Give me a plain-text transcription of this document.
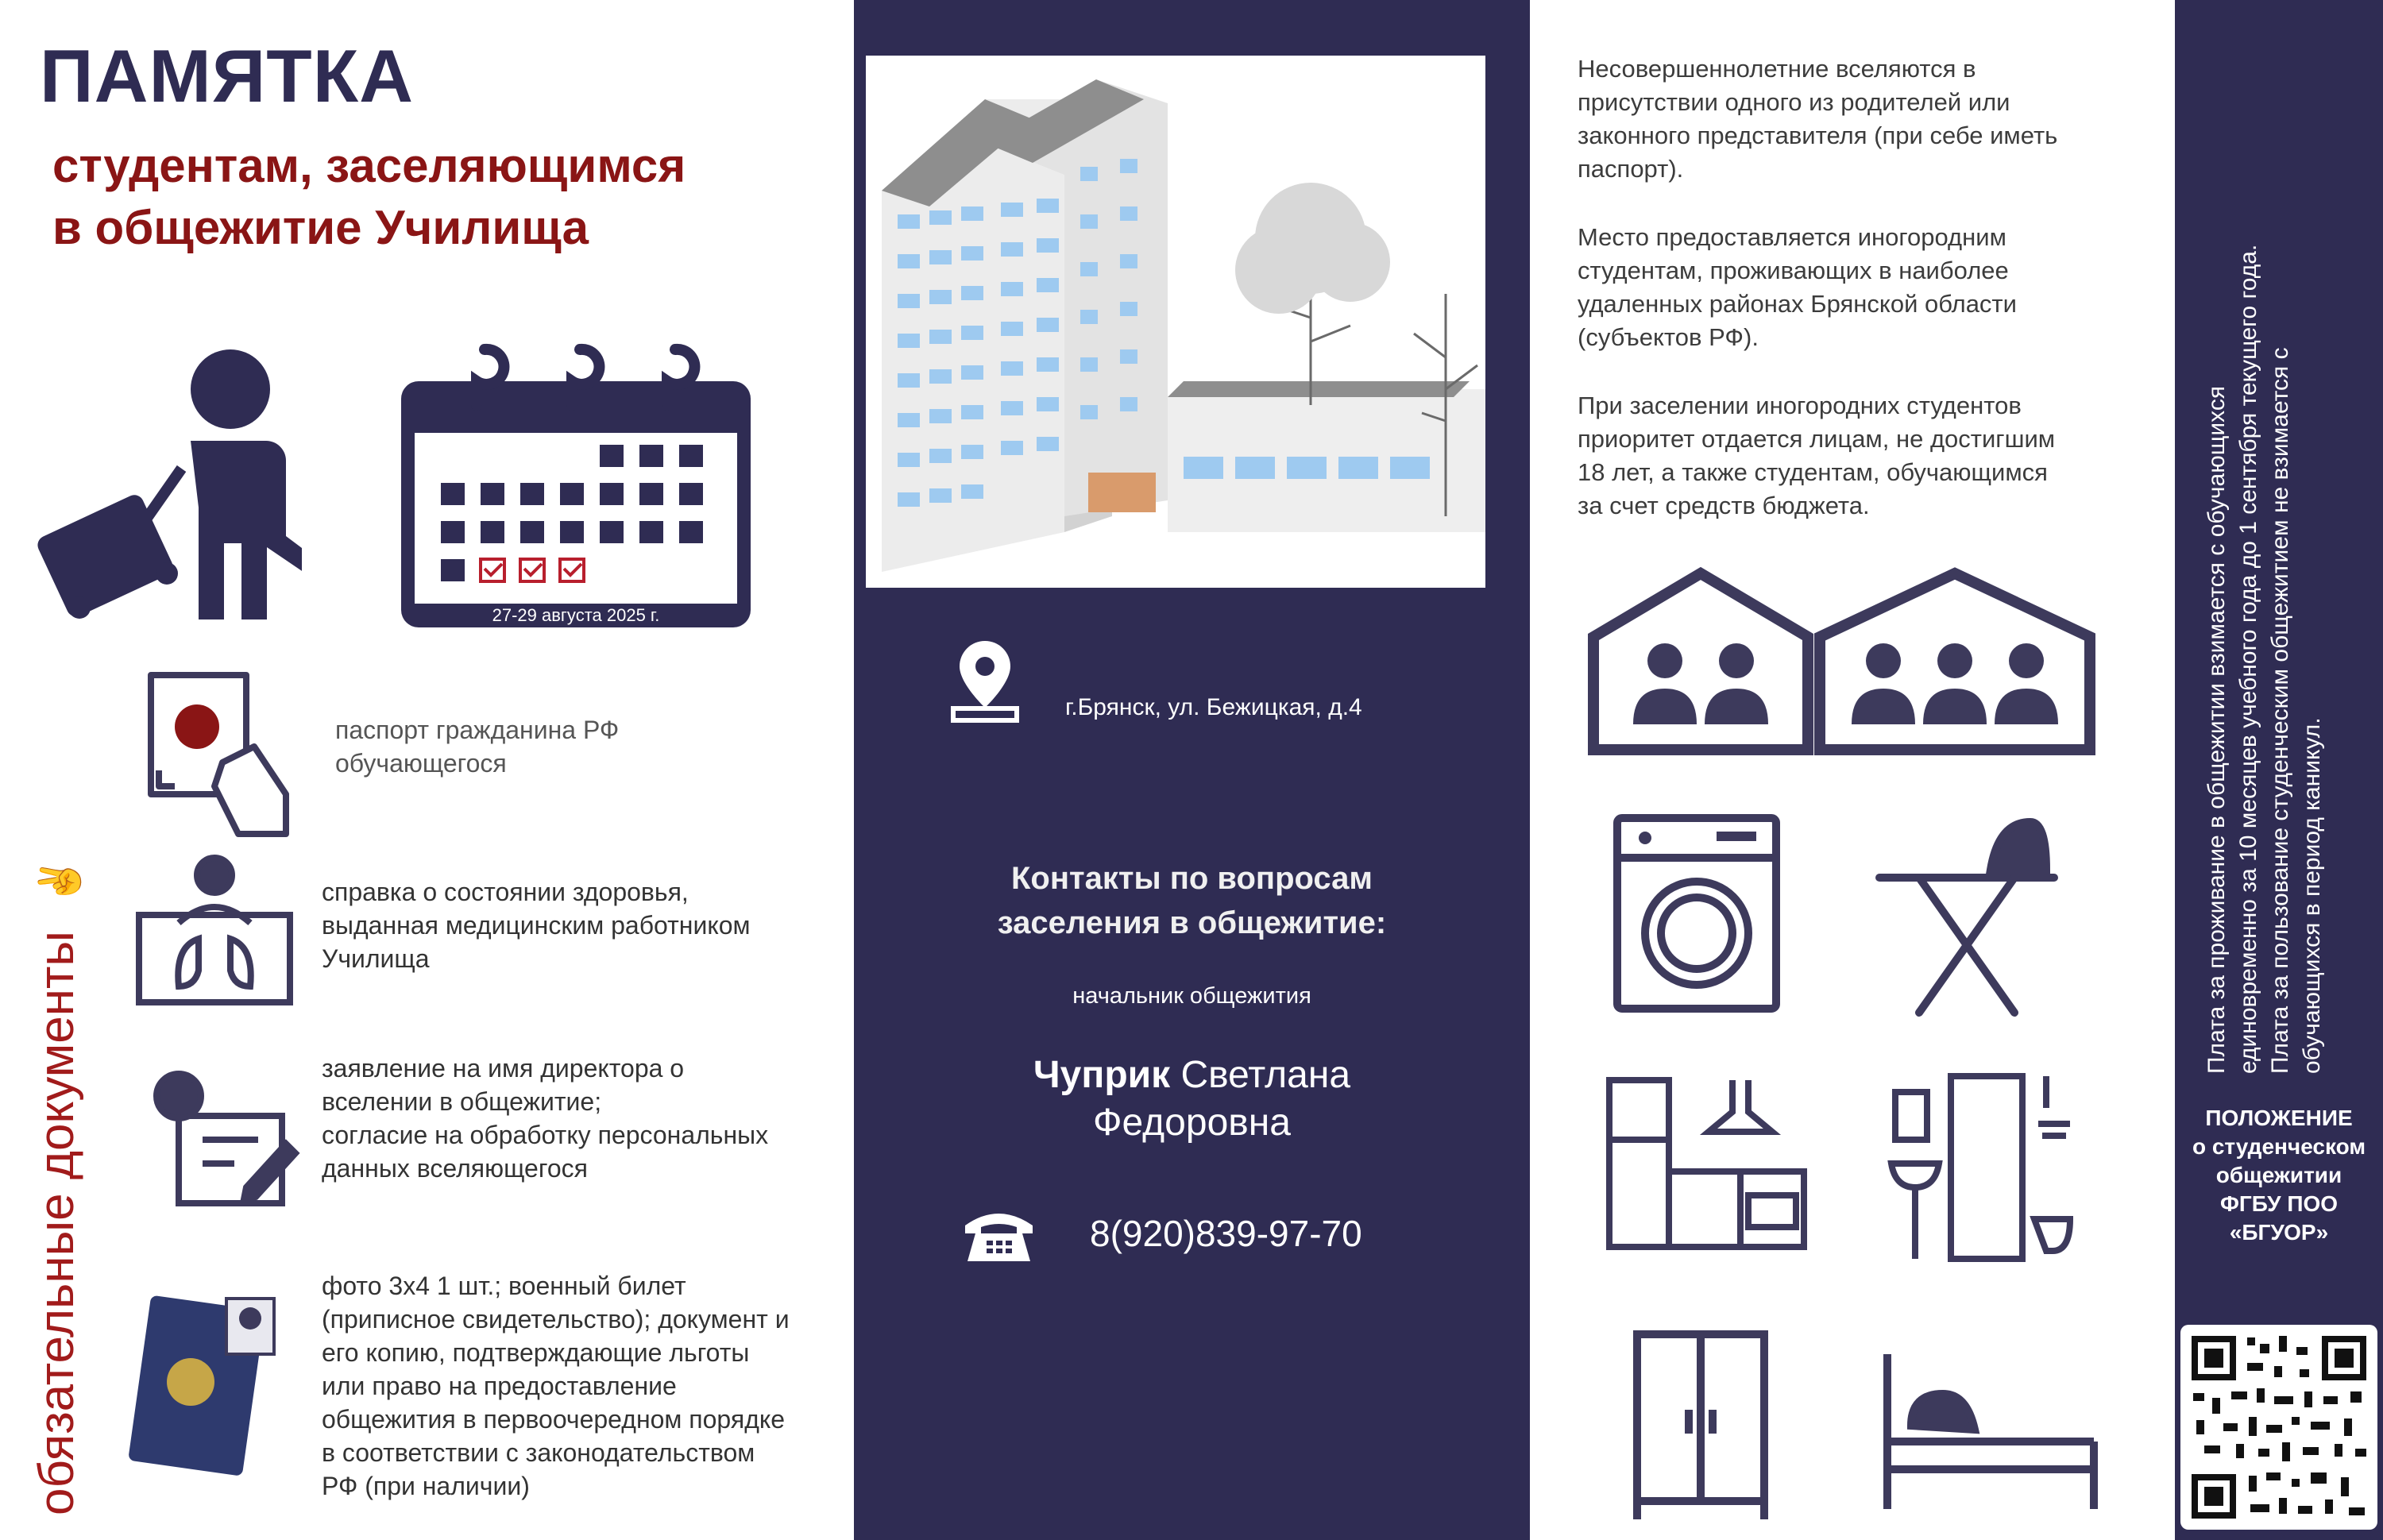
ПАМЯТКА
студентам, заселяющимся
в общежитие Училища
27-29 августа 2025 г.
обязательные документы ✌
паспорт гражданина РФ
обучающегося
справка о состоянии здоровья,
выданная медицинским работником
Училища
заявление на имя директора о
вселении в общежитие;
согласие на обработку персональных
данных вселяющегося
фото 3х4 1 шт.; военный билет
(приписное свидетельство); документ и
его копию, подтверждающие льготы
или право на предоставление
общежития в первоочередном порядке
в соответствии с законодательством
РФ (при наличии)
г.Брянск, ул. Бежицкая, д.4
Контакты по вопросам
заселения в общежитие:
начальник общежития
Чуприк Светлана
Федоровна
8(920)839-97-70
Несовершеннолетние вселяются в
присутствии одного из родителей или
законного представителя (при себе иметь
паспорт).
Место предоставляется иногородним
студентам, проживающих в наиболее
удаленных районах Брянской области
(субъектов РФ).
При заселении иногородних студентов
приоритет отдается лицам, не достигшим
18 лет, а также студентам, обучающимся
за счет средств бюджета.	Плата за проживание в общежитии взимается с обучающихся единовременно за 10 месяцев учебного года до 1 сентября текущего года. Плата за пользование студенческим общежитием не взимается с обучающихся в период каникул.
ПОЛОЖЕНИЕ
о студенческом
общежитии
ФГБУ ПОО
«БГУОР»
